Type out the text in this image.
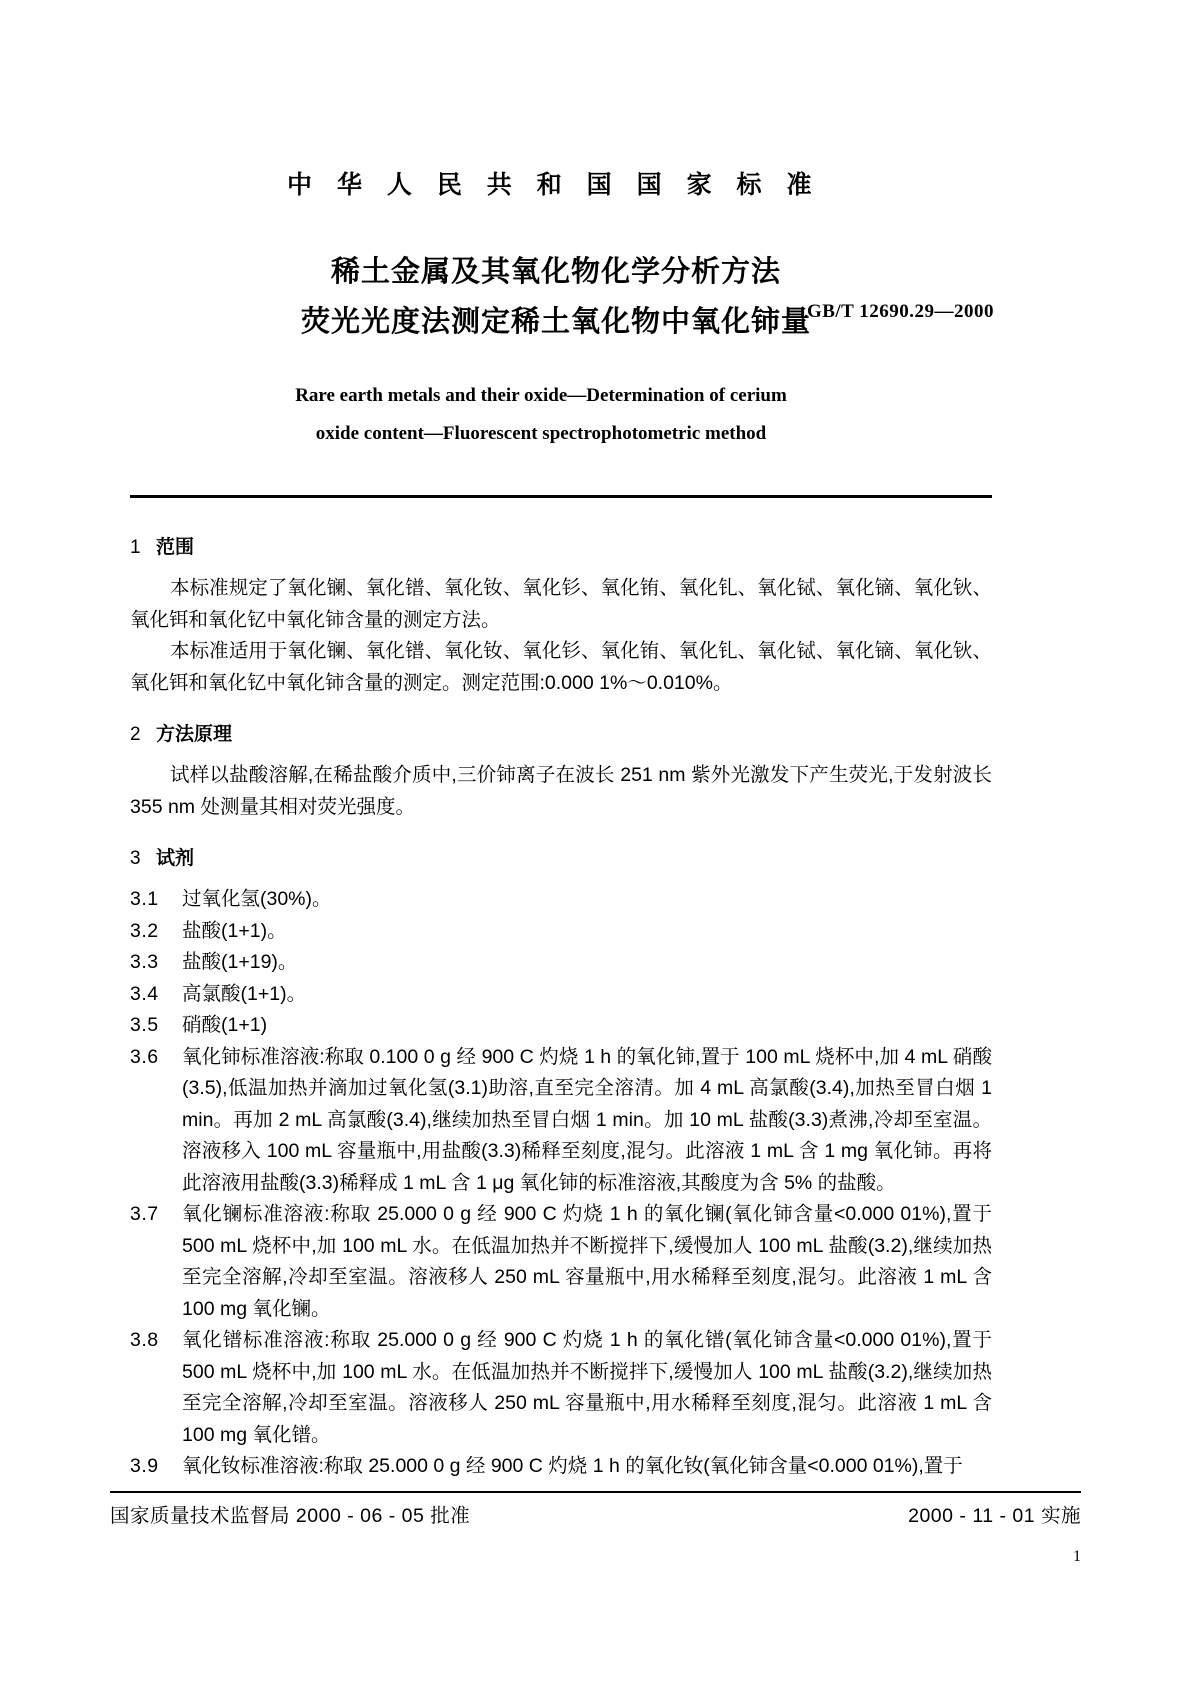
中 华 人 民 共 和 国 国 家 标 准
稀土金属及其氧化物化学分析方法
荧光光度法测定稀土氧化物中氧化铈量
GB/T 12690.29—2000
Rare earth metals and their oxide—Determination of cerium
oxide content—Fluorescent spectrophotometric method
1 范围

本标准规定了氧化镧、氧化镨、氧化钕、氧化钐、氧化铕、氧化钆、氧化铽、氧化镝、氧化钬、氧化铒和氧化钇中氧化铈含量的测定方法。

本标准适用于氧化镧、氧化镨、氧化钕、氧化钐、氧化铕、氧化钆、氧化铽、氧化镝、氧化钬、氧化铒和氧化钇中氧化铈含量的测定。测定范围:0.000 1%～0.010%。

2 方法原理

试样以盐酸溶解,在稀盐酸介质中,三价铈离子在波长 251 nm 紫外光激发下产生荧光,于发射波长 355 nm 处测量其相对荧光强度。

3 试剂
3.1 过氧化氢(30%)。
3.2 盐酸(1+1)。
3.3 盐酸(1+19)。
3.4 高氯酸(1+1)。
3.5 硝酸(1+1)
3.6	氧化铈标准溶液:称取 0.100 0 g 经 900 C 灼烧 1 h 的氧化铈,置于 100 mL 烧杯中,加 4 mL 硝酸(3.5),低温加热并滴加过氧化氢(3.1)助溶,直至完全溶清。加 4 mL 高氯酸(3.4),加热至冒白烟 1 min。再加 2 mL 高氯酸(3.4),继续加热至冒白烟 1 min。加 10 mL 盐酸(3.3)煮沸,冷却至室温。溶液移入 100 mL 容量瓶中,用盐酸(3.3)稀释至刻度,混匀。此溶液 1 mL 含 1 mg 氧化铈。再将此溶液用盐酸(3.3)稀释成 1 mL 含 1 μg 氧化铈的标准溶液,其酸度为含 5% 的盐酸。
3.7	氧化镧标准溶液:称取 25.000 0 g 经 900 C 灼烧 1 h 的氧化镧(氧化铈含量<0.000 01%),置于 500 mL 烧杯中,加 100 mL 水。在低温加热并不断搅拌下,缓慢加人 100 mL 盐酸(3.2),继续加热至完全溶解,冷却至室温。溶液移人 250 mL 容量瓶中,用水稀释至刻度,混匀。此溶液 1 mL 含 100 mg 氧化镧。
3.8	氧化镨标准溶液:称取 25.000 0 g 经 900 C 灼烧 1 h 的氧化镨(氧化铈含量<0.000 01%),置于 500 mL 烧杯中,加 100 mL 水。在低温加热并不断搅拌下,缓慢加人 100 mL 盐酸(3.2),继续加热至完全溶解,冷却至室温。溶液移人 250 mL 容量瓶中,用水稀释至刻度,混匀。此溶液 1 mL 含 100 mg 氧化镨。
3.9	氧化钕标准溶液:称取 25.000 0 g 经 900 C 灼烧 1 h 的氧化钕(氧化铈含量<0.000 01%),置于
国家质量技术监督局 2000 - 06 - 05 批准	2000 - 11 - 01 实施
1
